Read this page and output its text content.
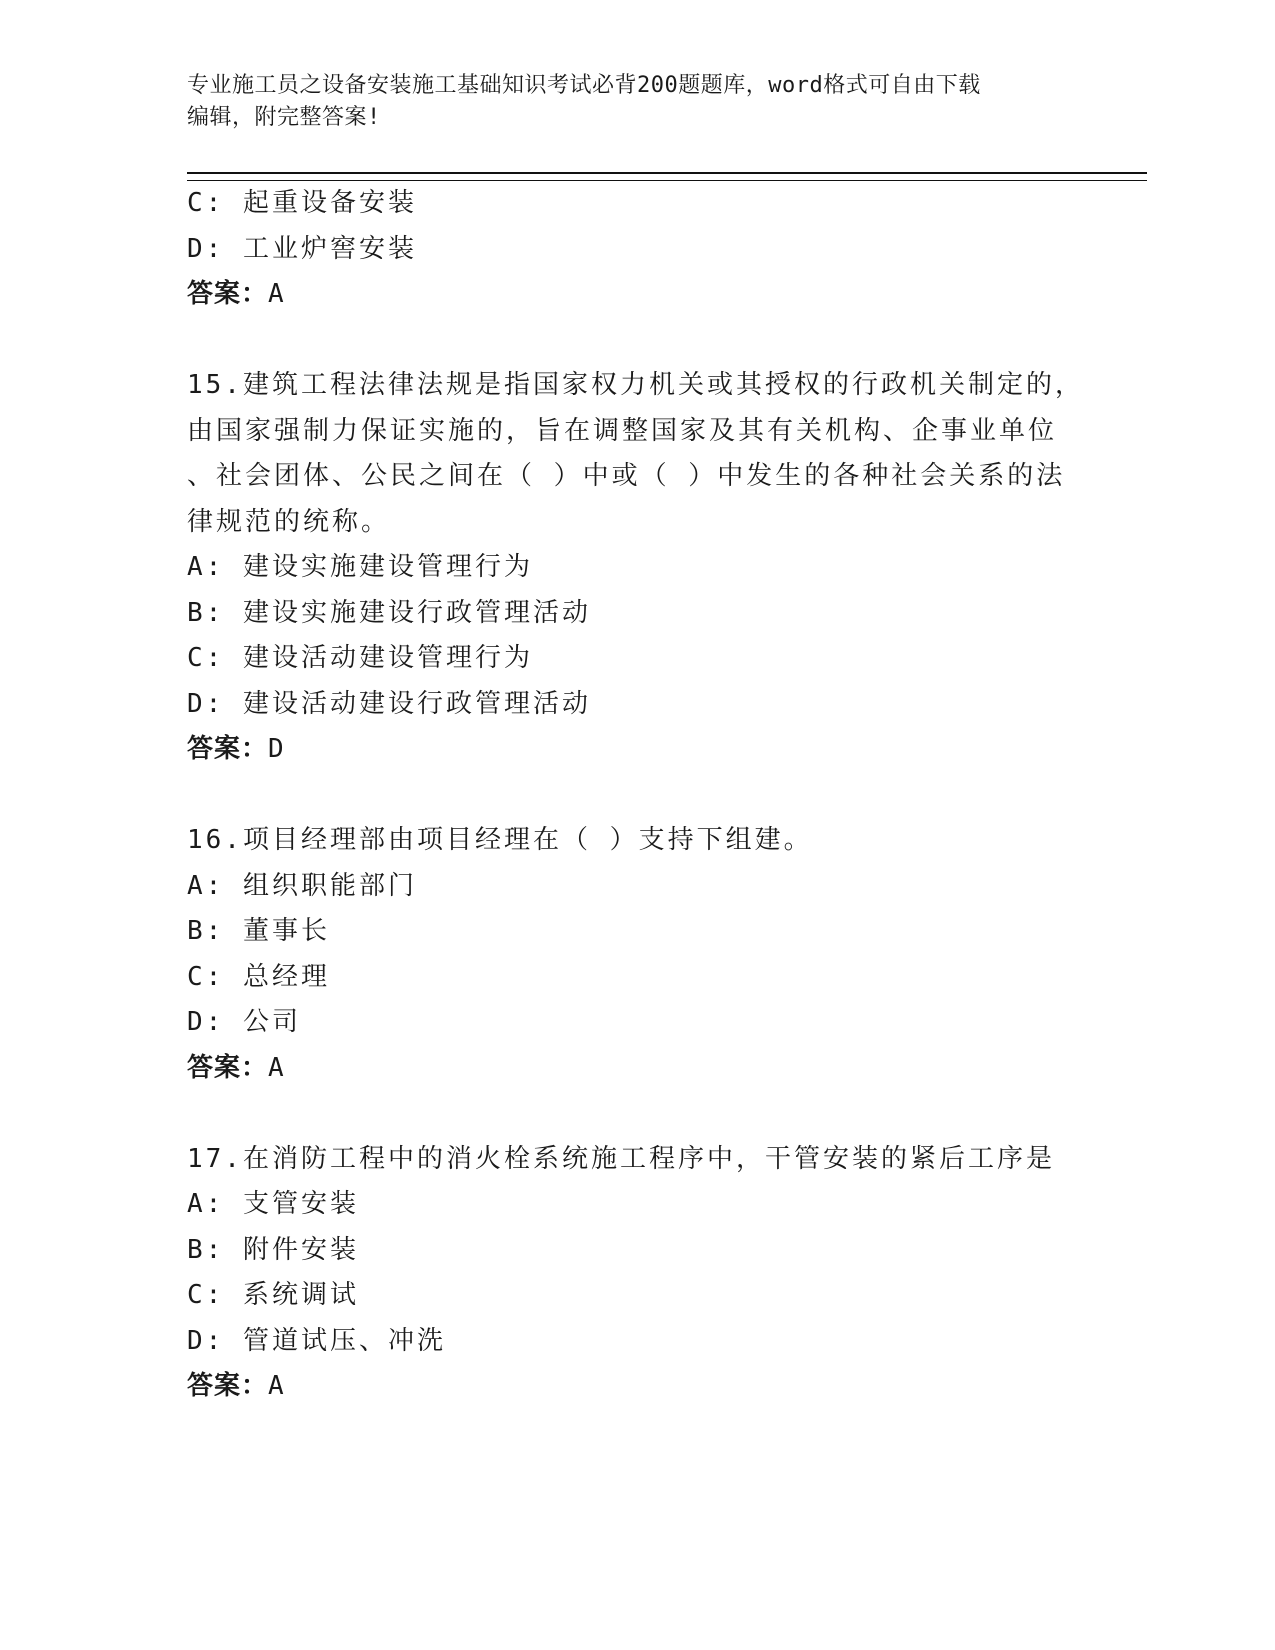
专业施工员之设备安装施工基础知识考试必背200题题库，word格式可自由下载
编辑，附完整答案!
C: 起重设备安装
D: 工业炉窖安装
答案：A
15.建筑工程法律法规是指国家权力机关或其授权的行政机关制定的，
由国家强制力保证实施的，旨在调整国家及其有关机构、企事业单位
、社会团体、公民之间在（ ）中或（ ）中发生的各种社会关系的法
律规范的统称。
A: 建设实施建设管理行为
B: 建设实施建设行政管理活动
C: 建设活动建设管理行为
D: 建设活动建设行政管理活动
答案：D
16.项目经理部由项目经理在（ ）支持下组建。
A: 组织职能部门
B: 董事长
C: 总经理
D: 公司
答案：A
17.在消防工程中的消火栓系统施工程序中，干管安装的紧后工序是
A: 支管安装
B: 附件安装
C: 系统调试
D: 管道试压、冲洗
答案：A
